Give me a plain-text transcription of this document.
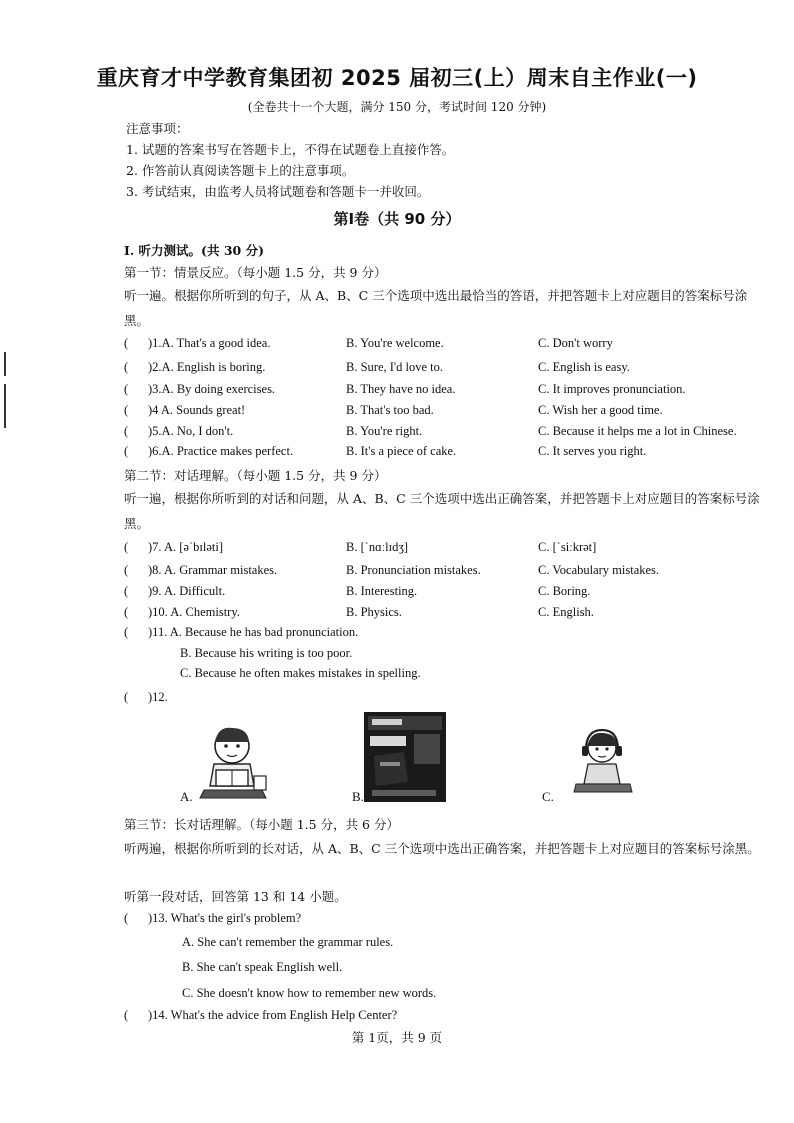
重庆育才中学教育集团初 2025 届初三(上）周末自主作业(一)
(全卷共十一个大题，满分 150 分，考试时间 120 分钟)
注意事项：
1. 试题的答案书写在答题卡上，不得在试题卷上直接作答。
2. 作答前认真阅读答题卡上的注意事项。
3. 考试结束，由监考人员将试题卷和答题卡一并收回。
第I卷（共 90 分）
I. 听力测试。(共 30 分)
第一节：情景反应。（每小题 1.5 分，共 9 分）
听一遍。根据你所听到的句子，从 A、B、C 三个选项中选出最恰当的答语，并把答题卡上对应题目的答案标号涂黑。
( )1.A. That's a good idea.	B. You're welcome.	C. Don't worry
( )2.A. English is boring.	B. Sure, I'd love to.	C. English is easy.
( )3.A. By doing exercises.	B. They have no idea.	C. It improves pronunciation.
( )4 A. Sounds great!	B. That's too bad.	C. Wish her a good time.
( )5.A. No, I don't.	B. You're right.	C. Because it helps me a lot in Chinese.
( )6.A. Practice makes perfect.	B. It's a piece of cake.	C. It serves you right.
第二节：对话理解。（每小题 1.5 分，共 9 分）
听一遍，根据你所听到的对话和问题，从 A、B、C 三个选项中选出正确答案，并把答题卡上对应题目的答案标号涂黑。
( )7. A. [əˈbɪləti]	B. [ˈnɑːlɪdʒ]	C. [ˈsiːkrət]
( )8. A. Grammar mistakes.	B. Pronunciation mistakes.	C. Vocabulary mistakes.
( )9. A. Difficult.	B. Interesting.	C. Boring.
( )10. A. Chemistry.	B. Physics.	C. English.
( )11. A. Because he has bad pronunciation.
B. Because his writing is too poor.
C. Because he often makes mistakes in spelling.
( )12.
A.	B.	C.
第三节：长对话理解。（每小题 1.5 分，共 6 分）
听两遍，根据你所听到的长对话，从 A、B、C 三个选项中选出正确答案，并把答题卡上对应题目的答案标号涂黑。
听第一段对话，回答第 13 和 14 小题。
( )13. What's the girl's problem?
A. She can't remember the grammar rules.
B. She can't speak English well.
C. She doesn't know how to remember new words.
( )14. What's the advice from English Help Center?
第 1页，共 9 页
